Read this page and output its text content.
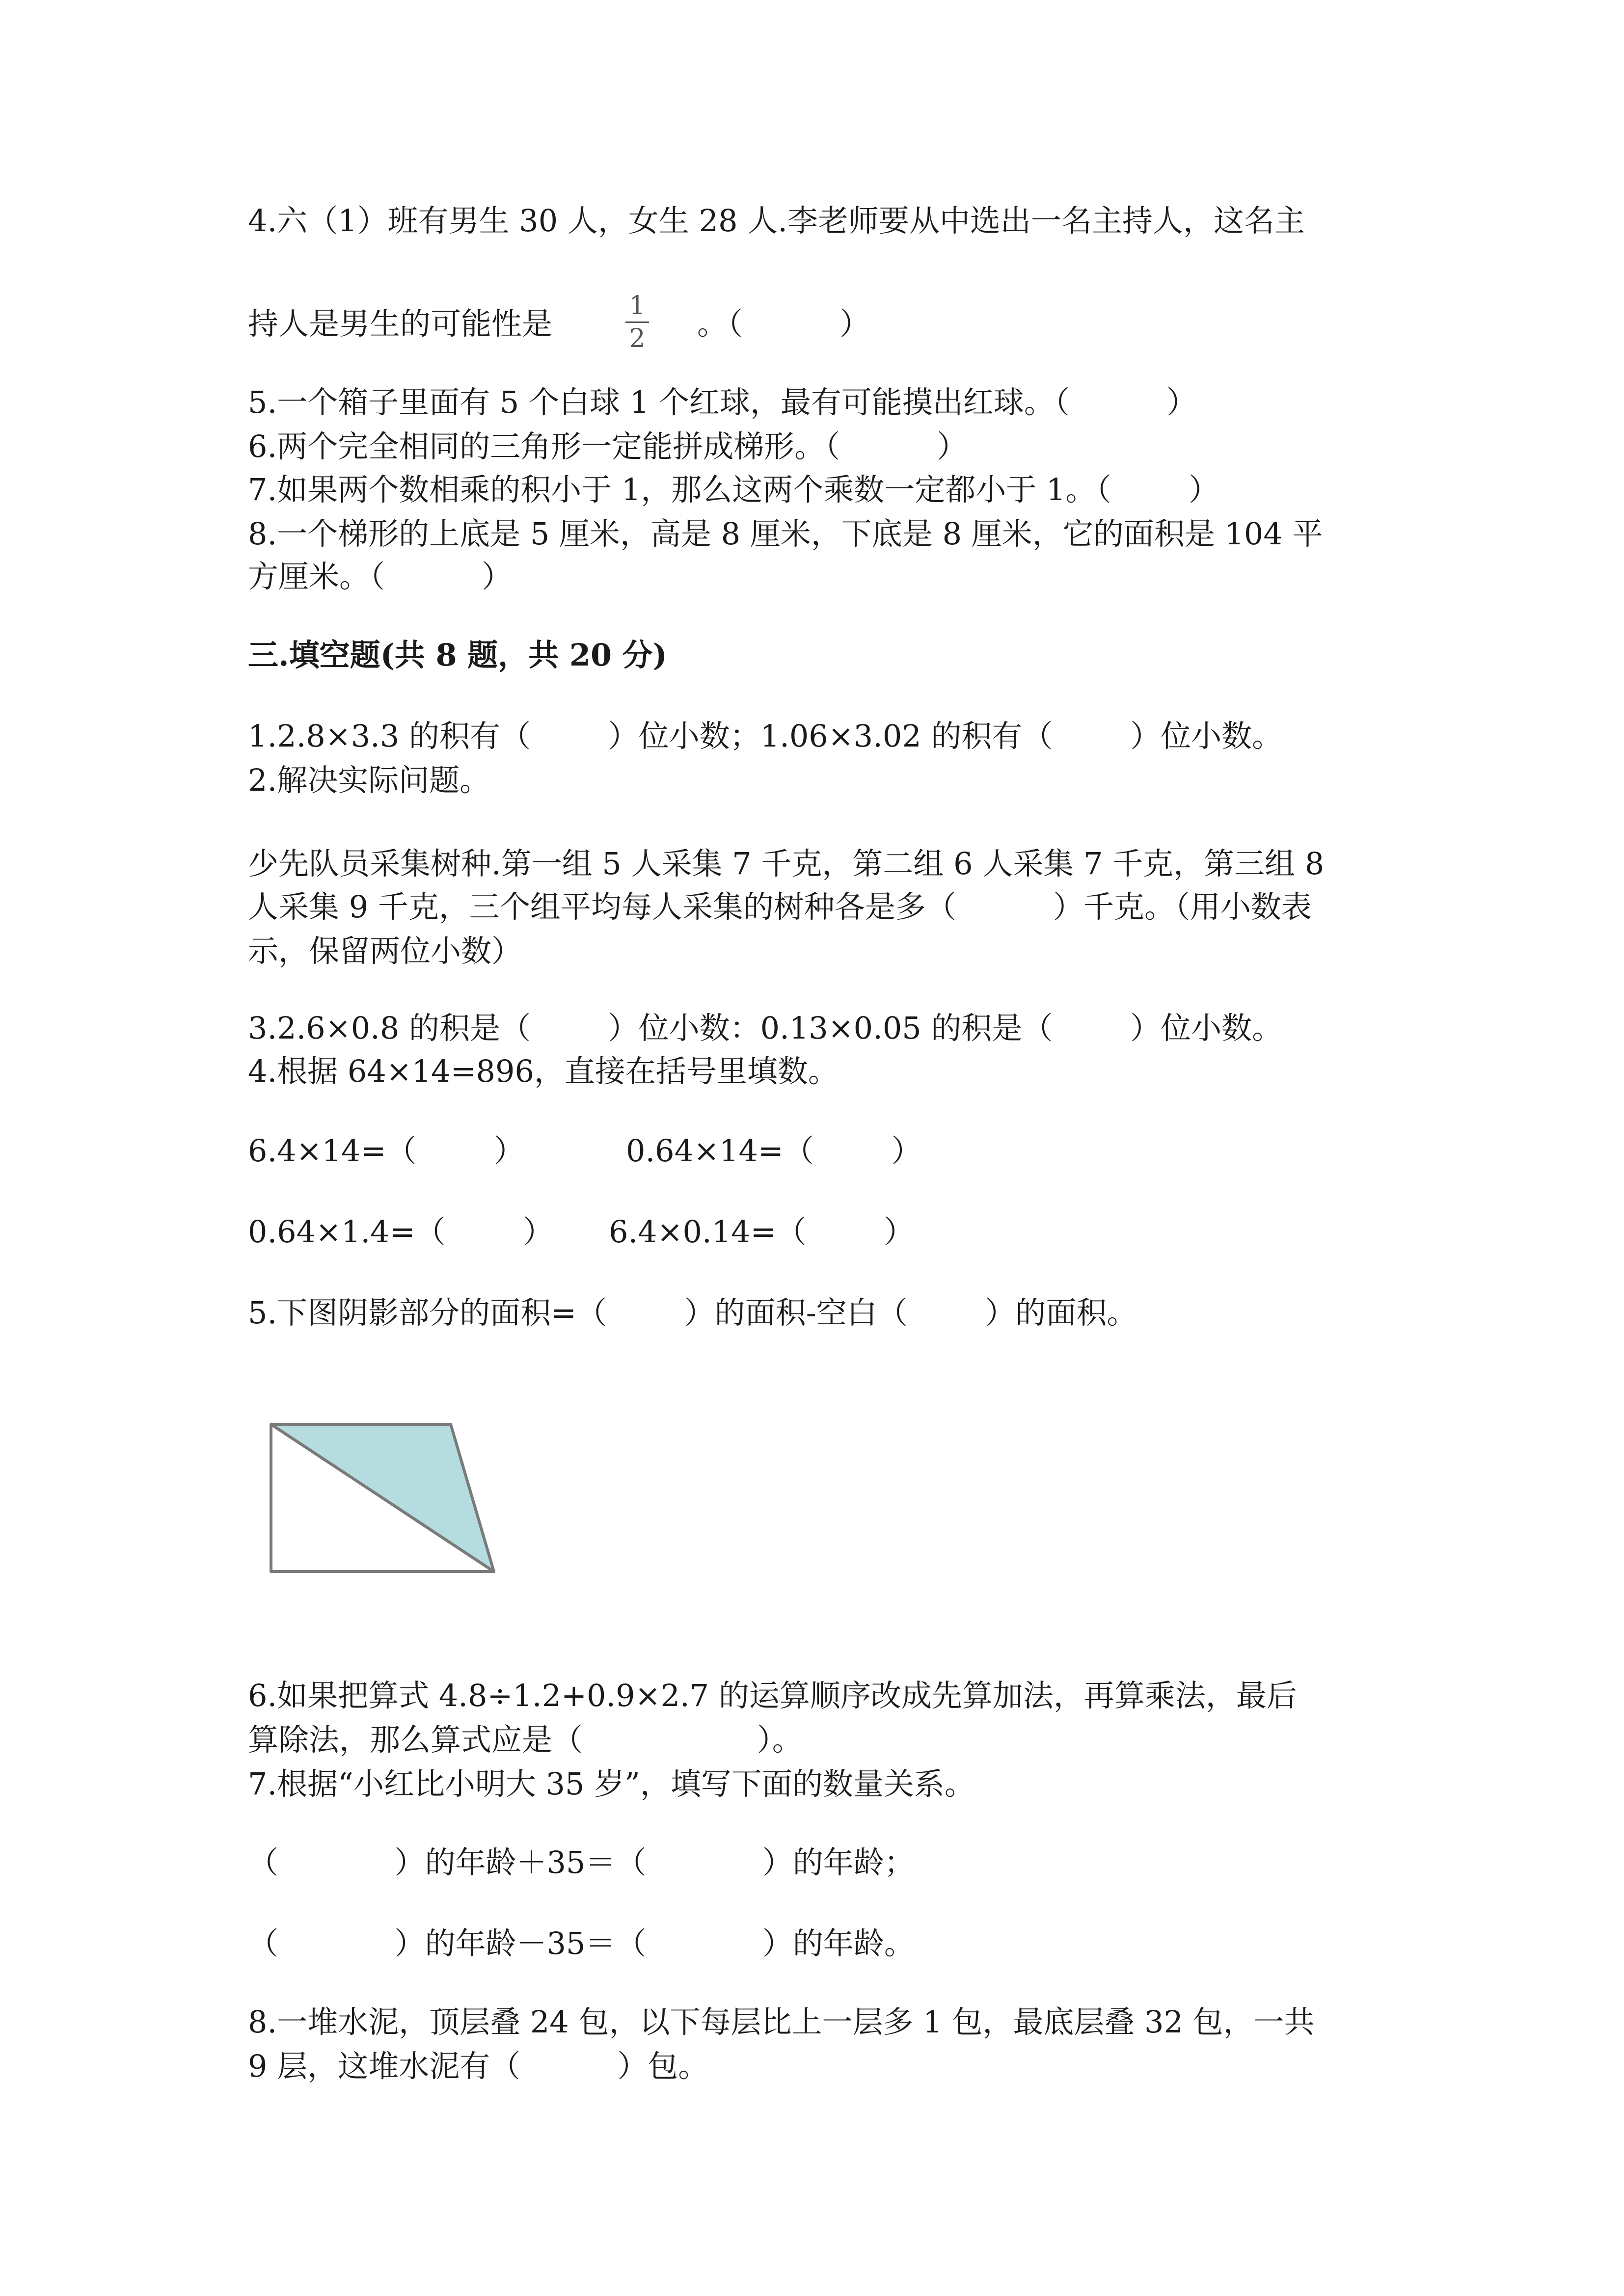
4.六（1）班有男生 30 人，女生 28 人.李老师要从中选出一名主持人，这名主
持人是男生的可能性是	1
2 。（          ）
5.一个箱子里面有 5 个白球 1 个红球，最有可能摸出红球。（          ）
6.两个完全相同的三角形一定能拼成梯形。（          ）
7.如果两个数相乘的积小于 1，那么这两个乘数一定都小于 1。（        ）
8.一个梯形的上底是 5 厘米，高是 8 厘米，下底是 8 厘米，它的面积是 104 平
方厘米。（          ）
三.填空题(共 8 题，共 20 分)
1.2.8×3.3 的积有（        ）位小数；1.06×3.02 的积有（        ）位小数。
2.解决实际问题。
少先队员采集树种.第一组 5 人采集 7 千克，第二组 6 人采集 7 千克，第三组 8
人采集 9 千克，三个组平均每人采集的树种各是多（          ）千克。（用小数表
示，保留两位小数）
3.2.6×0.8 的积是（        ）位小数：0.13×0.05 的积是（        ）位小数。
4.根据 64×14=896，直接在括号里填数。
6.4×14=（        ）	0.64×14=（        ）
0.64×1.4=（        ） 6.4×0.14=（        ）
5.下图阴影部分的面积=（        ）的面积-空白（        ）的面积。
6.如果把算式 4.8÷1.2+0.9×2.7 的运算顺序改成先算加法，再算乘法，最后
算除法，那么算式应是（                  ）。
7.根据“小红比小明大 35 岁”，填写下面的数量关系。
（            ）的年龄＋35＝（            ）的年龄；
（            ）的年龄－35＝（            ）的年龄。
8.一堆水泥，顶层叠 24 包，以下每层比上一层多 1 包，最底层叠 32 包，一共
9 层，这堆水泥有（          ）包。
